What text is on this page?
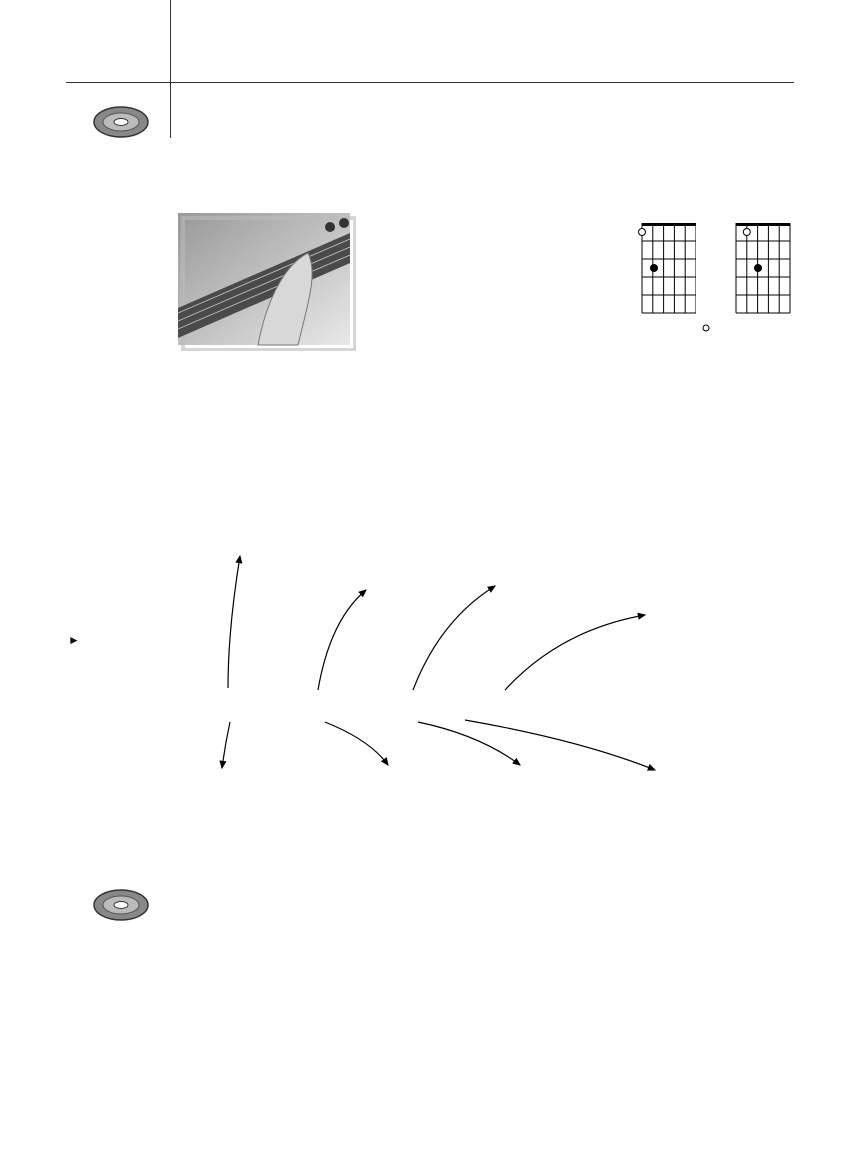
►
